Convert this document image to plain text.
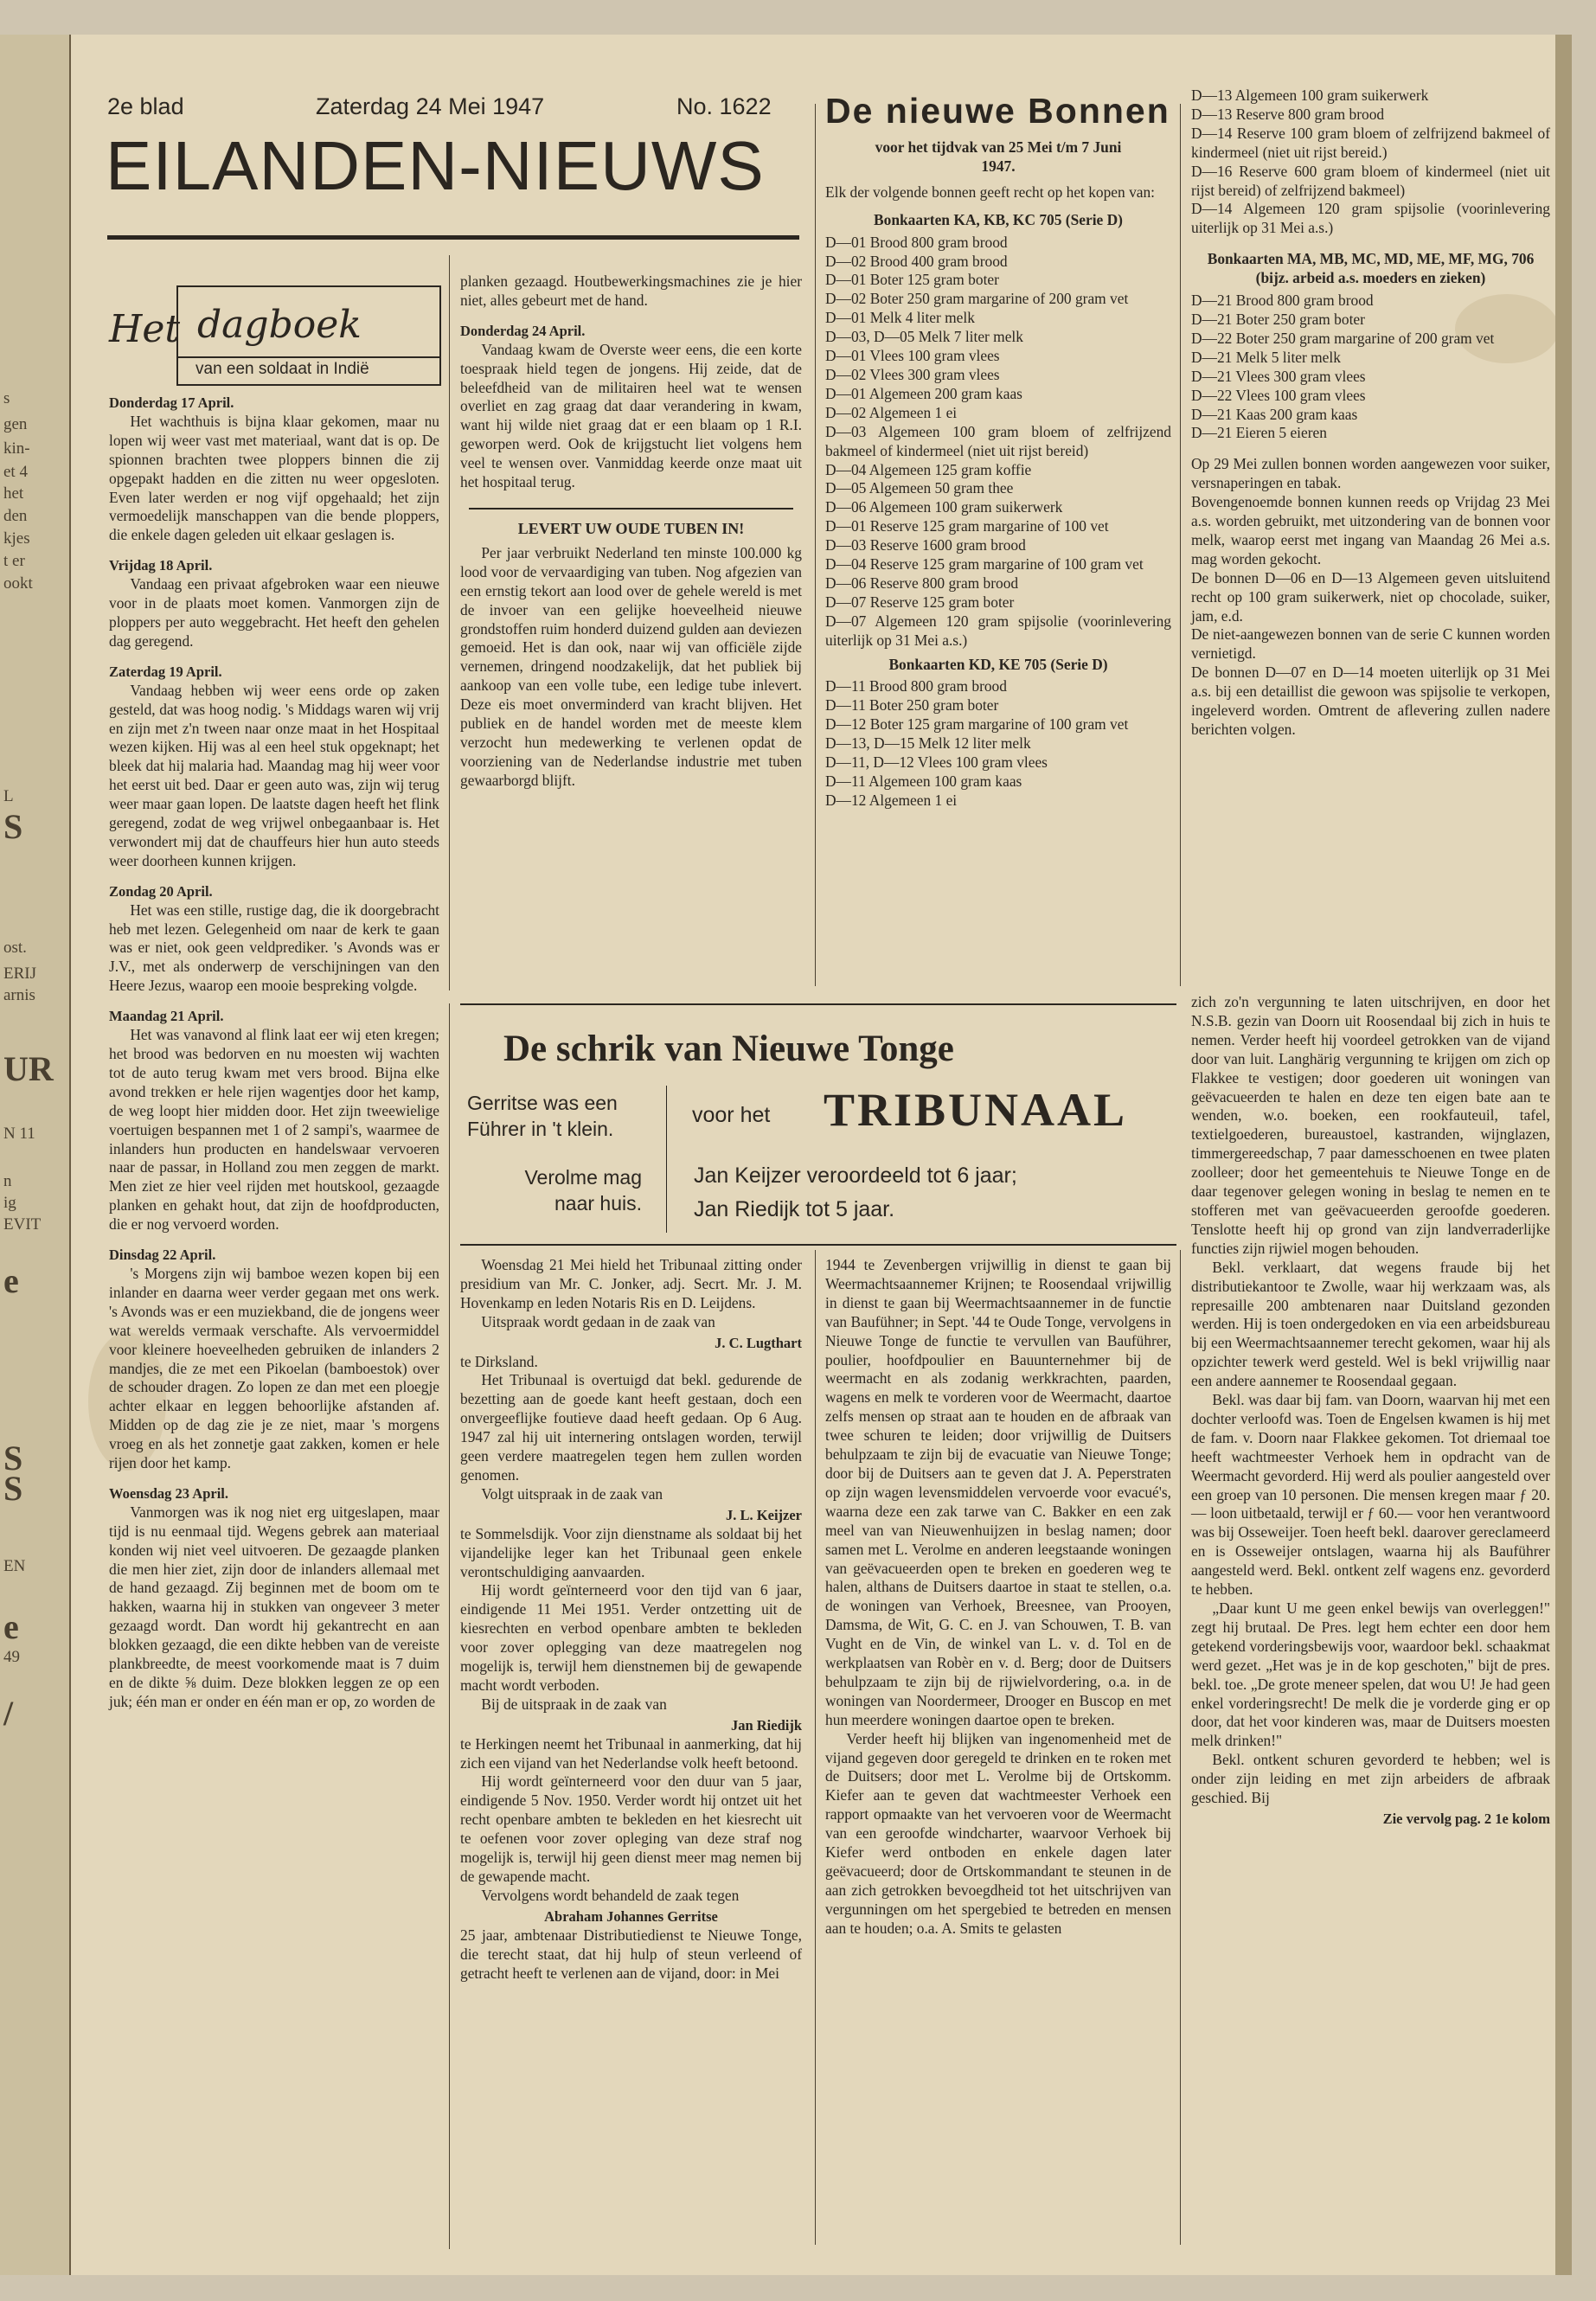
s
gen
kin-
et 4
het
den
kjes
t er
ookt
L
S
ost.
ERIJ
arnis
UR
N 11
n
ig
EVIT
e
S
S
EN
e
49
/
2e blad	Zaterdag 24 Mei 1947	No. 1622
EILANDEN-NIEUWS
Het dagboek
van een soldaat in Indië

Donderdag 17 April.

Het wachthuis is bijna klaar gekomen, maar nu lopen wij weer vast met materiaal, want dat is op. De spionnen brachten twee ploppers binnen die zij opgepakt hadden en die zitten nu weer opgesloten. Even later werden er nog vijf opgehaald; het zijn vermoedelijk manschappen van die bende ploppers, die enkele dagen geleden uit elkaar geslagen is.

Vrijdag 18 April.

Vandaag een privaat afgebroken waar een nieuwe voor in de plaats moet komen. Vanmorgen zijn de ploppers per auto weggebracht. Het heeft den gehelen dag geregend.

Zaterdag 19 April.

Vandaag hebben wij weer eens orde op zaken gesteld, dat was hoog nodig. 's Middags waren wij vrij en zijn met z'n tween naar onze maat in het Hospitaal wezen kijken. Hij was al een heel stuk opgeknapt; het bleek dat hij malaria had. Maandag mag hij weer voor het eerst uit bed. Daar er geen auto was, zijn wij terug weer maar gaan lopen. De laatste dagen heeft het flink geregend, zodat de weg vrijwel onbegaanbaar is. Het verwondert mij dat de chauffeurs hier hun auto steeds weer doorheen kunnen krijgen.

Zondag 20 April.

Het was een stille, rustige dag, die ik doorgebracht heb met lezen. Gelegenheid om naar de kerk te gaan was er niet, ook geen veldprediker. 's Avonds was er J.V., met als onderwerp de verschijningen van den Heere Jezus, waarop een mooie bespreking volgde.

Maandag 21 April.

Het was vanavond al flink laat eer wij eten kregen; het brood was bedorven en nu moesten wij wachten tot de auto terug kwam met vers brood. Bijna elke avond trekken er hele rijen wagentjes door het kamp, de weg loopt hier midden door. Het zijn tweewielige voertuigen bespannen met 1 of 2 sampi's, waarmee de inlanders hun producten en handelswaar vervoeren naar de passar, in Holland zou men zeggen de markt. Men ziet ze hier veel rijden met houtskool, gezaagde planken en gehakt hout, dat zijn de hoofdproducten, die er nog vervoerd worden.

Dinsdag 22 April.

's Morgens zijn wij bamboe wezen kopen bij een inlander en daarna weer verder gegaan met ons werk. 's Avonds was er een muziekband, die de jongens weer wat werelds vermaak verschafte. Als vervoermiddel voor kleinere hoeveelheden gebruiken de inlanders 2 mandjes, die ze met een Pikoelan (bamboestok) over de schouder dragen. Zo lopen ze dan met een ploegje achter elkaar en leggen behoorlijke afstanden af. Midden op de dag zie je ze niet, maar 's morgens vroeg en als het zonnetje gaat zakken, komen er hele rijen door het kamp.

Woensdag 23 April.

Vanmorgen was ik nog niet erg uitgeslapen, maar tijd is nu eenmaal tijd. Wegens gebrek aan materiaal konden wij niet veel uitvoeren. De gezaagde planken die men hier ziet, zijn door de inlanders allemaal met de hand gezaagd. Zij beginnen met de boom om te hakken, waarna hij in stukken van ongeveer 3 meter gezaagd wordt. Dan wordt hij gekantrecht en aan blokken gezaagd, die een dikte hebben van de vereiste plankbreedte, de meest voorkomende maat is 7 duim en de dikte ⅝ duim. Deze blokken leggen ze op een juk; één man er onder en één man er op, zo worden de

planken gezaagd. Houtbewerkingsmachines zie je hier niet, alles gebeurt met de hand.

Donderdag 24 April.

Vandaag kwam de Overste weer eens, die een korte toespraak hield tegen de jongens. Hij zeide, dat de beleefdheid van de militairen heel wat te wensen overliet en zag graag dat daar verandering in kwam, want hij wilde niet graag dat er een blaam op 1 R.I. geworpen werd. Ook de krijgstucht liet volgens hem veel te wensen over. Vanmiddag keerde onze maat uit het hospitaal terug.

LEVERT UW OUDE TUBEN IN!

Per jaar verbruikt Nederland ten minste 100.000 kg lood voor de vervaardiging van tuben. Nog afgezien van een ernstig tekort aan lood over de gehele wereld is met de invoer van een gelijke hoeveelheid nieuwe grondstoffen ruim honderd duizend gulden aan deviezen gemoeid. Het is dan ook, naar wij van officiële zijde vernemen, dringend noodzakelijk, dat het publiek bij aankoop van een volle tube, een ledige tube inlevert. Deze eis moet onverminderd van kracht blijven. Het publiek en de handel worden met de meeste klem verzocht hun medewerking te verlenen opdat de voorziening van de Nederlandse industrie met tuben gewaarborgd blijft.

De nieuwe Bonnen

voor het tijdvak van 25 Mei t/m 7 Juni 1947.

Elk der volgende bonnen geeft recht op het kopen van:

Bonkaarten KA, KB, KC 705 (Serie D)

D—01 Brood 800 gram brood

D—02 Brood 400 gram brood

D—01 Boter 125 gram boter

D—02 Boter 250 gram margarine of 200 gram vet

D—01 Melk 4 liter melk

D—03, D—05 Melk 7 liter melk

D—01 Vlees 100 gram vlees

D—02 Vlees 300 gram vlees

D—01 Algemeen 200 gram kaas

D—02 Algemeen 1 ei

D—03 Algemeen 100 gram bloem of zelfrijzend bakmeel of kindermeel (niet uit rijst bereid)

D—04 Algemeen 125 gram koffie

D—05 Algemeen 50 gram thee

D—06 Algemeen 100 gram suikerwerk

D—01 Reserve 125 gram margarine of 100 vet

D—03 Reserve 1600 gram brood

D—04 Reserve 125 gram margarine of 100 gram vet

D—06 Reserve 800 gram brood

D—07 Reserve 125 gram boter

D—07 Algemeen 120 gram spijsolie (voorinlevering uiterlijk op 31 Mei a.s.)

Bonkaarten KD, KE 705 (Serie D)

D—11 Brood 800 gram brood

D—11 Boter 250 gram boter

D—12 Boter 125 gram margarine of 100 gram vet

D—13, D—15 Melk 12 liter melk

D—11, D—12 Vlees 100 gram vlees

D—11 Algemeen 100 gram kaas

D—12 Algemeen 1 ei

D—13 Algemeen 100 gram suikerwerk

D—13 Reserve 800 gram brood

D—14 Reserve 100 gram bloem of zelfrijzend bakmeel of kindermeel (niet uit rijst bereid.)

D—16 Reserve 600 gram bloem of kindermeel (niet uit rijst bereid) of zelfrijzend bakmeel)

D—14 Algemeen 120 gram spijsolie (voorinlevering uiterlijk op 31 Mei a.s.)

Bonkaarten MA, MB, MC, MD, ME, MF, MG, 706 (bijz. arbeid a.s. moeders en zieken)

D—21 Brood 800 gram brood

D—21 Boter 250 gram boter

D—22 Boter 250 gram margarine of 200 gram vet

D—21 Melk 5 liter melk

D—21 Vlees 300 gram vlees

D—22 Vlees 100 gram vlees

D—21 Kaas 200 gram kaas

D—21 Eieren 5 eieren

Op 29 Mei zullen bonnen worden aangewezen voor suiker, versnaperingen en tabak.

Bovengenoemde bonnen kunnen reeds op Vrijdag 23 Mei a.s. worden gebruikt, met uitzondering van de bonnen voor melk, waarop eerst met ingang van Maandag 26 Mei a.s. mag worden gekocht.

De bonnen D—06 en D—13 Algemeen geven uitsluitend recht op 100 gram suikerwerk, niet op chocolade, suiker, jam, e.d.

De niet-aangewezen bonnen van de serie C kunnen worden vernietigd.

De bonnen D—07 en D—14 moeten uiterlijk op 31 Mei a.s. bij een detaillist die gewoon was spijsolie te verkopen, ingeleverd worden. Omtrent de aflevering zullen nadere berichten volgen.

De schrik van Nieuwe Tonge
Gerritse was een Führer in 't klein.
Verolme mag naar huis.
voor het TRIBUNAAL
Jan Keijzer veroordeeld tot 6 jaar;
Jan Riedijk tot 5 jaar.

Woensdag 21 Mei hield het Tribunaal zitting onder presidium van Mr. C. Jonker, adj. Secrt. Mr. J. M. Hovenkamp en leden Notaris Ris en D. Leijdens.

Uitspraak wordt gedaan in de zaak van

J. C. Lugthart

te Dirksland.

Het Tribunaal is overtuigd dat bekl. gedurende de bezetting aan de goede kant heeft gestaan, doch een onvergeeflijke foutieve daad heeft gedaan. Op 6 Aug. 1947 zal hij uit internering ontslagen worden, terwijl geen verdere maatregelen tegen hem zullen worden genomen.

Volgt uitspraak in de zaak van

J. L. Keijzer

te Sommelsdijk. Voor zijn dienstname als soldaat bij het vijandelijke leger kan het Tribunaal geen enkele verontschuldiging aanvaarden.

Hij wordt geïnterneerd voor den tijd van 6 jaar, eindigende 11 Mei 1951. Verder ontzetting uit de kiesrechten en verbod openbare ambten te bekleden voor zover oplegging van deze maatregelen nog mogelijk is, terwijl hem dienstnemen bij de gewapende macht wordt verboden.

Bij de uitspraak in de zaak van

Jan Riedijk

te Herkingen neemt het Tribunaal in aanmerking, dat hij zich een vijand van het Nederlandse volk heeft betoond.

Hij wordt geïnterneerd voor den duur van 5 jaar, eindigende 5 Nov. 1950. Verder wordt hij ontzet uit het recht openbare ambten te bekleden en het kiesrecht uit te oefenen voor zover opleging van deze straf nog mogelijk is, terwijl hij geen dienst meer mag nemen bij de gewapende macht.

Vervolgens wordt behandeld de zaak tegen

Abraham Johannes Gerritse

25 jaar, ambtenaar Distributiedienst te Nieuwe Tonge, die terecht staat, dat hij hulp of steun verleend of getracht heeft te verlenen aan de vijand, door: in Mei

1944 te Zevenbergen vrijwillig in dienst te gaan bij Weermachtsaannemer Krijnen; te Roosendaal vrijwillig in dienst te gaan bij Weermachtsaannemer in de functie van Baufühner; in Sept. '44 te Oude Tonge, vervolgens in Nieuwe Tonge de functie te vervullen van Bauführer, poulier, hoofdpoulier en Bauunternehmer bij de weermacht en als zodanig werkkrachten, paarden, wagens en melk te vorderen voor de Weermacht, daartoe zelfs mensen op straat aan te houden en de afbraak van twee schuren te leiden; door vrijwillig de Duitsers behulpzaam te zijn bij de evacuatie van Nieuwe Tonge; door bij de Duitsers aan te geven dat J. A. Peperstraten op zijn wagen levensmiddelen vervoerde voor evacué's, waarna deze een zak tarwe van C. Bakker en een zak meel van van Nieuwenhuijzen in beslag namen; door samen met L. Verolme en anderen leegstaande woningen van geëvacueerden open te breken en goederen weg te halen, althans de Duitsers daartoe in staat te stellen, o.a. de woningen van Verhoek, Breesnee, van Prooyen, Damsma, de Wit, G. C. en J. van Schouwen, T. B. van Vught en de Vin, de winkel van L. v. d. Tol en de werkplaatsen van Robèr en v. d. Berg; door de Duitsers behulpzaam te zijn bij de rijwielvordering, o.a. in de woningen van Noordermeer, Drooger en Buscop en met hun meerdere woningen daartoe open te breken.

Verder heeft hij blijken van ingenomenheid met de vijand gegeven door geregeld te drinken en te roken met de Duitsers; door met L. Verolme bij de Ortskomm. Kiefer aan te geven dat wachtmeester Verhoek een rapport opmaakte van het vervoeren voor de Weermacht van een geroofde windcharter, waarvoor Verhoek bij Kiefer werd ontboden en enkele dagen later geëvacueerd; door de Ortskommandant te steunen in de aan zich getrokken bevoegdheid tot het uitschrijven van vergunningen om het spergebied te betreden en mensen aan te houden; o.a. A. Smits te gelasten

zich zo'n vergunning te laten uitschrijven, en door het N.S.B. gezin van Doorn uit Roosendaal bij zich in huis te nemen. Verder heeft hij voordeel getrokken van de vijand door van luit. Langhärig vergunning te krijgen om zich op Flakkee te vestigen; door goederen uit woningen van geëvacueerden te halen en deze ten eigen bate aan te wenden, w.o. boeken, een rookfauteuil, tafel, textielgoederen, bureaustoel, kastranden, wijnglazen, timmergereedschap, 7 paar damesschoenen en twee platen zoolleer; door het gemeentehuis te Nieuwe Tonge en de daar tegenover gelegen woning in beslag te nemen en te stofferen met van geëvacueerden geroofde goederen. Tenslotte heeft hij op grond van zijn landverraderlijke functies zijn rijwiel mogen behouden.

Bekl. verklaart, dat wegens fraude bij het distributiekantoor te Zwolle, waar hij werkzaam was, als represaille 200 ambtenaren naar Duitsland gezonden werden. Hij is toen ondergedoken en via een arbeidsbureau bij een Weermachtsaannemer terecht gekomen, waar hij als opzichter tewerk werd gesteld. Wel is bekl vrijwillig naar een andere aannemer te Roosendaal gegaan.

Bekl. was daar bij fam. van Doorn, waarvan hij met een dochter verloofd was. Toen de Engelsen kwamen is hij met de fam. v. Doorn naar Flakkee gekomen. Tot driemaal toe heeft wachtmeester Verhoek hem in opdracht van de Weermacht gevorderd. Hij werd als poulier aangesteld over een groep van 10 personen. Die mensen kregen maar ƒ 20.— loon uitbetaald, terwijl er ƒ 60.— voor hen verantwoord was bij Osseweijer. Toen heeft bekl. daarover gereclameerd en is Osseweijer ontslagen, waarna hij als Bauführer aangesteld werd. Bekl. ontkent zelf wagens enz. gevorderd te hebben.

„Daar kunt U me geen enkel bewijs van overleggen!" zegt hij brutaal. De Pres. legt hem echter een door hem getekend vorderingsbewijs voor, waardoor bekl. schaakmat werd gezet. „Het was je in de kop geschoten," bijt de pres. bekl. toe. „De grote meneer spelen, dat wou U! Je had geen enkel vorderingsrecht! De melk die je vorderde ging er op door, dat het voor kinderen was, maar de Duitsers moesten melk drinken!"

Bekl. ontkent schuren gevorderd te hebben; wel is onder zijn leiding en met zijn arbeiders de afbraak geschied. Bij

Zie vervolg pag. 2 1e kolom
